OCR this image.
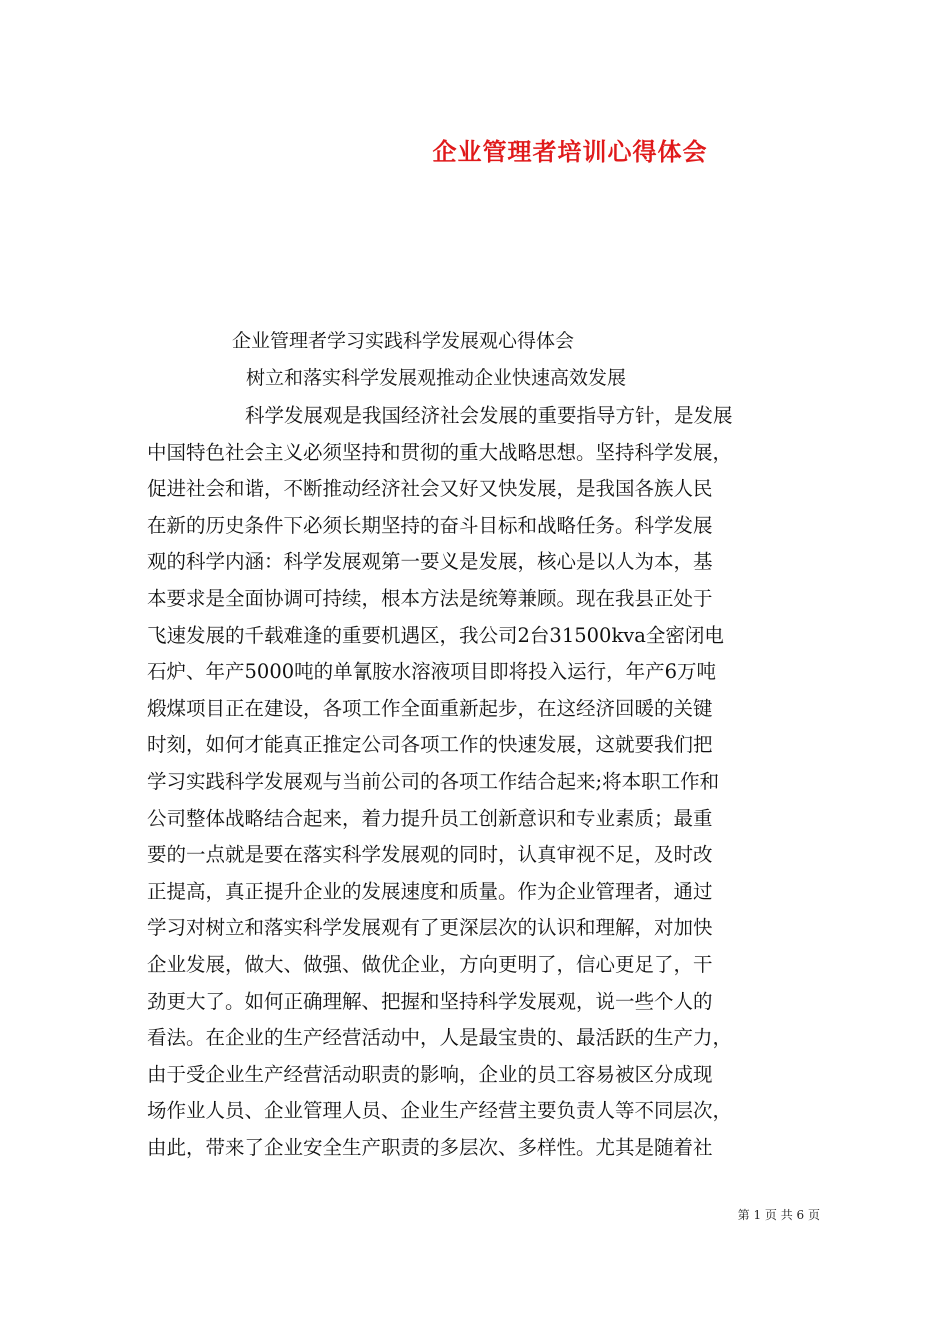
企业管理者培训心得体会
企业管理者学习实践科学发展观心得体会
树立和落实科学发展观推动企业快速高效发展
科学发展观是我国经济社会发展的重要指导方针，是发展
中国特色社会主义必须坚持和贯彻的重大战略思想。坚持科学发展，
促进社会和谐，不断推动经济社会又好又快发展，是我国各族人民
在新的历史条件下必须长期坚持的奋斗目标和战略任务。科学发展
观的科学内涵：科学发展观第一要义是发展，核心是以人为本，基
本要求是全面协调可持续，根本方法是统筹兼顾。现在我县正处于
飞速发展的千载难逢的重要机遇区，我公司2台31500kva全密闭电
石炉、年产5000吨的单氰胺水溶液项目即将投入运行，年产6万吨
煅煤项目正在建设，各项工作全面重新起步，在这经济回暖的关键
时刻，如何才能真正推定公司各项工作的快速发展，这就要我们把
学习实践科学发展观与当前公司的各项工作结合起来;将本职工作和
公司整体战略结合起来，着力提升员工创新意识和专业素质；最重
要的一点就是要在落实科学发展观的同时，认真审视不足，及时改
正提高，真正提升企业的发展速度和质量。作为企业管理者，通过
学习对树立和落实科学发展观有了更深层次的认识和理解，对加快
企业发展，做大、做强、做优企业，方向更明了，信心更足了，干
劲更大了。如何正确理解、把握和坚持科学发展观，说一些个人的
看法。在企业的生产经营活动中，人是最宝贵的、最活跃的生产力，
由于受企业生产经营活动职责的影响，企业的员工容易被区分成现
场作业人员、企业管理人员、企业生产经营主要负责人等不同层次，
由此，带来了企业安全生产职责的多层次、多样性。尤其是随着社
第 1 页 共 6 页
